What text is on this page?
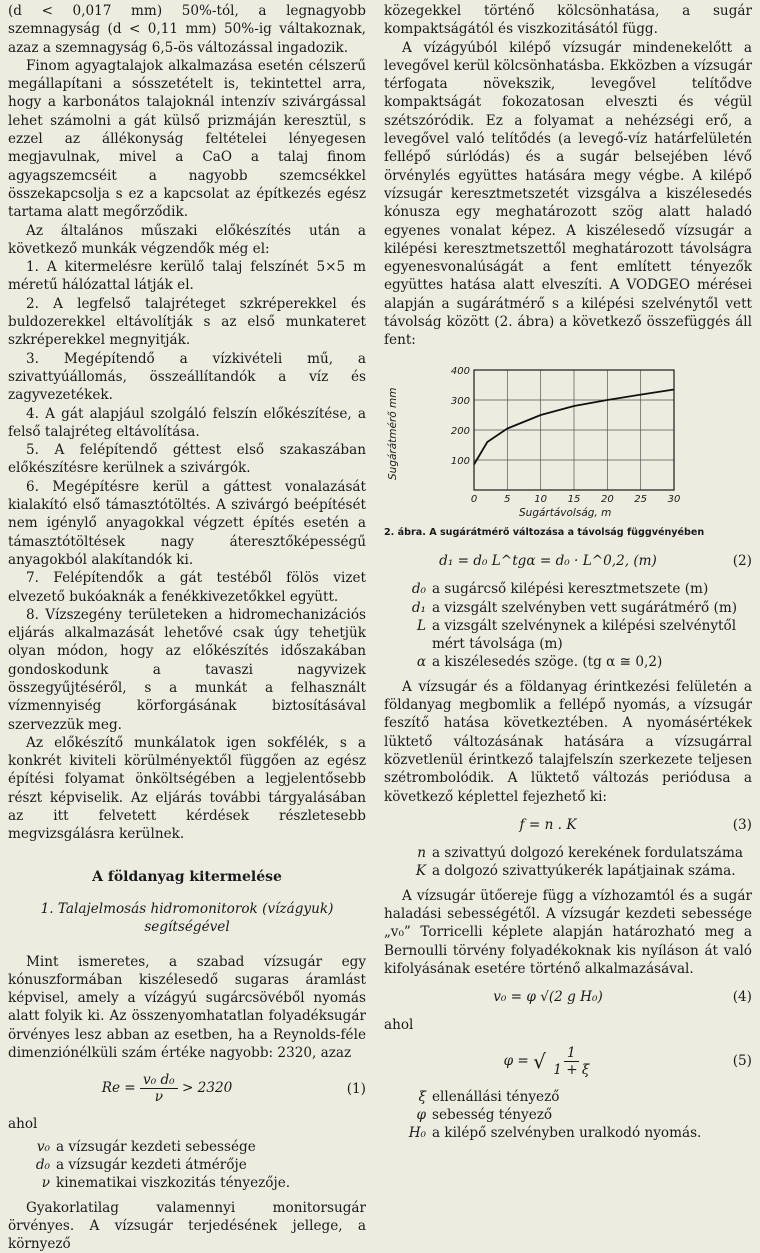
(d < 0,017 mm) 50%-tól, a legnagyobb szemnagyság (d < 0,11 mm) 50%-ig váltakoznak, azaz a szemnagyság 6,5-ös változással ingadozik.

Finom agyagtalajok alkalmazása esetén célszerű megállapítani a sósszetételt is, tekintettel arra, hogy a karbonátos talajoknál intenzív szivárgással lehet számolni a gát külső prizmáján keresztül, s ezzel az állékonyság feltételei lényegesen megjavulnak, mivel a CaO a talaj finom agyagszemcséit a nagyobb szemcsékkel összekapcsolja s ez a kapcsolat az építkezés egész tartama alatt megőrződik.

Az általános műszaki előkészítés után a következő munkák végzendők még el:

1. A kitermelésre kerülő talaj felszínét 5×5 m méretű hálózattal látják el.

2. A legfelső talajréteget szkréperekkel és buldozerekkel eltávolítják s az első munkateret szkréperekkel megnyitják.

3. Megépítendő a vízkivételi mű, a szivattyúállomás, összeállítandók a víz és zagyvezetékek.

4. A gát alapjául szolgáló felszín előkészítése, a felső talajréteg eltávolítása.

5. A felépítendő géttest első szakaszában előkészítésre kerülnek a szivárgók.

6. Megépítésre kerül a gáttest vonalazását kialakító első támasztótöltés. A szivárgó beépítését nem igénylő anyagokkal végzett építés esetén a támasztótöltések nagy áteresztőképességű anyagokból alakítandók ki.

7. Felépítendők a gát testéből fölös vizet elvezető bukóaknák a fenékkivezetőkkel együtt.

8. Vízszegény területeken a hidromechanizációs eljárás alkalmazását lehetővé csak úgy tehetjük olyan módon, hogy az előkészítés időszakában gondoskodunk a tavaszi nagyvizek összegyűjtéséről, s a munkát a felhasznált vízmennyiség körforgásának biztosításával szervezzük meg.

Az előkészítő munkálatok igen sokfélék, s a konkrét kiviteli körülményektől függően az egész építési folyamat önköltségében a legjelentősebb részt képviselik. Az eljárás további tárgyalásában az itt felvetett kérdések részletesebb megvizsgálásra kerülnek.

A földanyag kitermelése
1. Talajelmosás hidromonitorok (vízágyuk) segítségével

Mint ismeretes, a szabad vízsugár egy kónuszformában kiszélesedő sugaras áramlást képvisel, amely a vízágyú sugárcsövéből nyomás alatt folyik ki. Az összenyomhatatlan folyadéksugár örvényes lesz abban az esetben, ha a Reynolds-féle dimenziónélküli szám értéke nagyobb: 2320, azaz

$Re = \frac{\text{v₀ d₀}}{\nu} > 2320$	(1)

ahol

v₀ a vízsugár kezdeti sebessége
d₀ a vízsugár kezdeti átmérője
ν kinematikai viszkozitás tényezője.

Gyakorlatilag valamennyi monitorsugár örvényes. A vízsugár terjedésének jellege, a környező

közegekkel történő kölcsönhatása, a sugár kompaktságától és viszkozitásától függ.

A vízágyúból kilépő vízsugár mindenekelőtt a levegővel kerül kölcsönhatásba. Ekközben a vízsugár térfogata növekszik, levegővel telítődve kompaktságát fokozatosan elveszti és végül szétszóródik. Ez a folyamat a nehézségi erő, a levegővel való telítődés (a levegő-víz határfelületén fellépő súrlódás) és a sugár belsejében lévő örvénylés együttes hatására megy végbe. A kilépő vízsugár keresztmetszetét vizsgálva a kiszélesedés kónusza egy meghatározott szög alatt haladó egyenes vonalat képez. A kiszélesedő vízsugár a kilépési keresztmetszettől meghatározott távolságra egyenesvonalúságát a fent említett tényezők együttes hatása alatt elveszíti. A VODGEO mérései alapján a sugárátmérő s a kilépési szelvénytől vett távolság között (2. ábra) a következő összefüggés áll fent:

0	5 10 15 20 25 30
100
200
300
400
Sugárátmérő mm
Sugártávolság, m
2. ábra. A sugárátmérő változása a távolság függvényében
d₁ = d₀ L^tgα = d₀ · L^0,2, (m)	(2)
d₀ a sugárcső kilépési keresztmetszete (m)
d₁ a vizsgált szelvényben vett sugárátmérő (m)
L a vizsgált szelvénynek a kilépési szelvénytől mért távolsága (m)
α a kiszélesedés szöge. (tg α ≅ 0,2)

A vízsugár és a földanyag érintkezési felületén a földanyag megbomlik a fellépő nyomás, a vízsugár feszítő hatása következtében. A nyomásértékek lüktető változásának hatására a vízsugárral közvetlenül érintkező talajfelszín szerkezete teljesen szétrombolódik. A lüktető változás periódusa a következő képlettel fejezhető ki:

f = n . K	(3)
n a szivattyú dolgozó kerekének fordulatszáma
K a dolgozó szivattyúkerék lapátjainak száma.

A vízsugár ütőereje függ a vízhozamtól és a sugár haladási sebességétől. A vízsugár kezdeti sebessége „v₀” Torricelli képlete alapján határozható meg a Bernoulli törvény folyadékoknak kis nyíláson át való kifolyásának esetére történő alkalmazásával.

v₀ = φ √(2 g H₀)	(4)

ahol

φ = √ $\frac{1}{1 + \xi}$	(5)
ξ ellenállási tényező
φ sebesség tényező
H₀ a kilépő szelvényben uralkodó nyomás.
